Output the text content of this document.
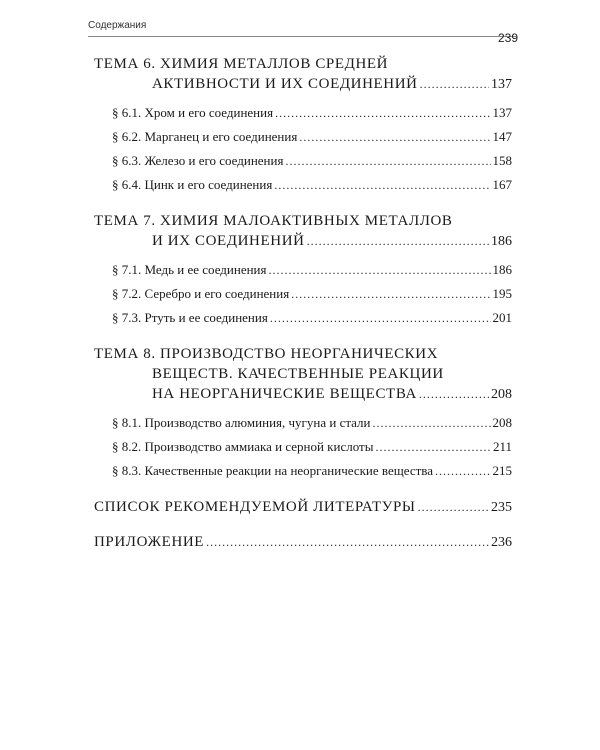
Содержания
239
ТЕМА 6. ХИМИЯ МЕТАЛЛОВ СРЕДНЕЙ
АКТИВНОСТИ И ИХ СОЕДИНЕНИЙ .....	137
§ 6.1. Хром и его соединения .....	137
§ 6.2. Марганец и его соединения .....	147
§ 6.3. Железо и его соединения .....	158
§ 6.4. Цинк и его соединения .....	167
ТЕМА 7. ХИМИЯ МАЛОАКТИВНЫХ МЕТАЛЛОВ
И ИХ СОЕДИНЕНИЙ .....	186
§ 7.1. Медь и ее соединения .....	186
§ 7.2. Серебро и его соединения .....	195
§ 7.3. Ртуть и ее соединения .....	201
ТЕМА 8. ПРОИЗВОДСТВО НЕОРГАНИЧЕСКИХ
ВЕЩЕСТВ. КАЧЕСТВЕННЫЕ РЕАКЦИИ
НА НЕОРГАНИЧЕСКИЕ ВЕЩЕСТВА .....	208
§ 8.1. Производство алюминия, чугуна и стали .....	208
§ 8.2. Производство аммиака и серной кислоты .....	211
§ 8.3. Качественные реакции на неорганические вещества .....	215
СПИСОК РЕКОМЕНДУЕМОЙ ЛИТЕРАТУРЫ .....	235
ПРИЛОЖЕНИЕ .....	236
